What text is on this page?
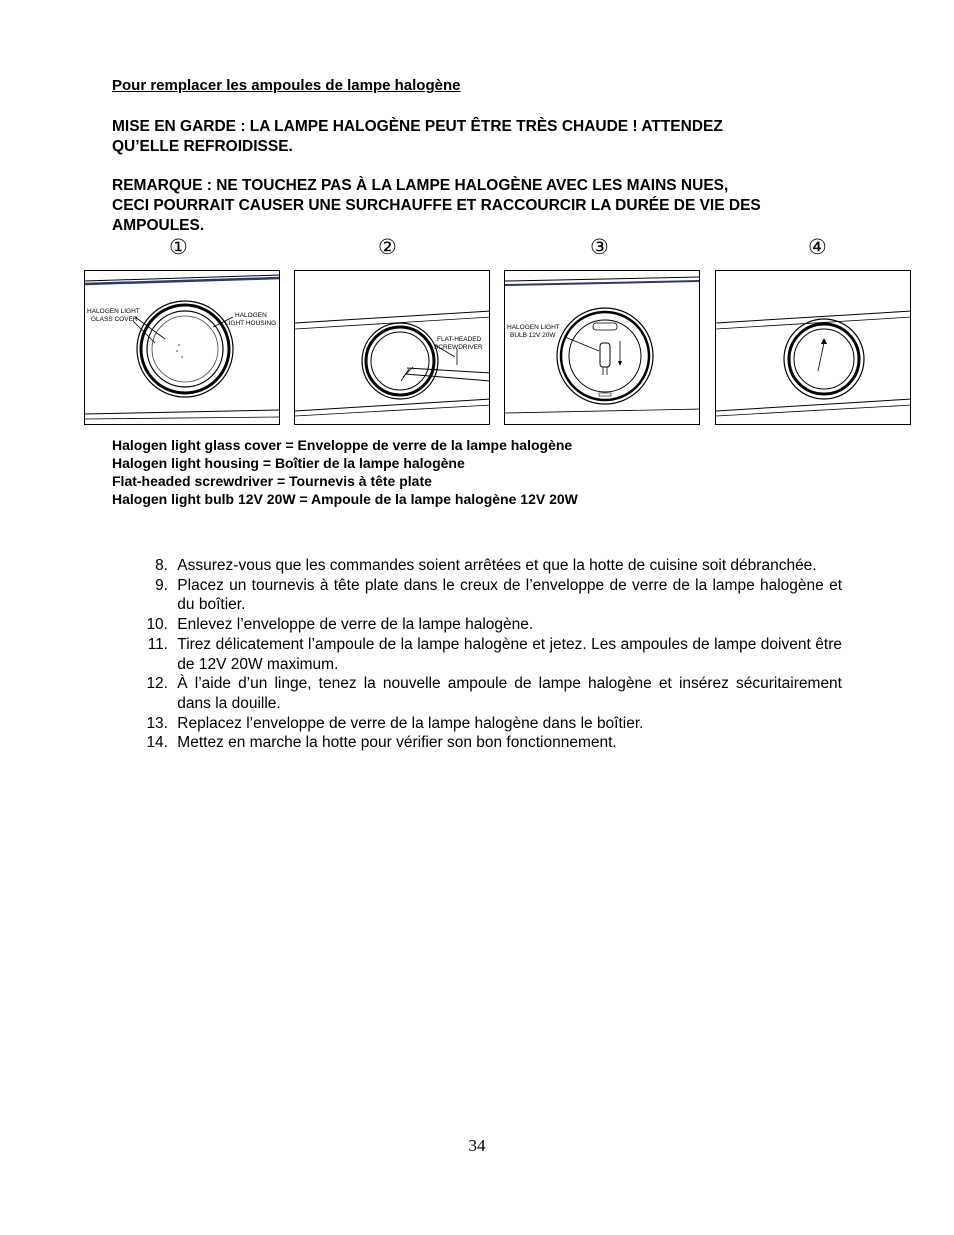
Pour remplacer les ampoules de lampe halogène
MISE EN GARDE : LA LAMPE HALOGÈNE PEUT ÊTRE TRÈS CHAUDE ! ATTENDEZ
QU’ELLE REFROIDISSE.
REMARQUE : NE TOUCHEZ PAS À LA LAMPE HALOGÈNE AVEC LES MAINS NUES,
CECI POURRAIT CAUSER UNE SURCHAUFFE ET RACCOURCIR LA DURÉE DE VIE DES
AMPOULES.
①	②	③	④
HALOGEN LIGHT
GLASS COVER
HALOGEN
LIGHT HOUSING
FLAT-HEADED
SCREWDRIVER
HALOGEN LIGHT
BULB 12V 20W
Halogen light glass cover = Enveloppe de verre de la lampe halogène
Halogen light housing = Boîtier de la lampe halogène
Flat-headed screwdriver = Tournevis à tête plate
Halogen light bulb 12V 20W = Ampoule de la lampe halogène 12V 20W
8. Assurez-vous que les commandes soient arrêtées et que la hotte de cuisine soit débranchée.
9. Placez un tournevis à tête plate dans le creux de l’enveloppe de verre de la lampe halogène et du boîtier.
10. Enlevez l’enveloppe de verre de la lampe halogène.
11. Tirez délicatement l’ampoule de la lampe halogène et jetez. Les ampoules de lampe doivent être de 12V 20W maximum.
12. À l’aide d’un linge, tenez la nouvelle ampoule de lampe halogène et insérez sécuritairement dans la douille.
13. Replacez l’enveloppe de verre de la lampe halogène dans le boîtier.
14. Mettez en marche la hotte pour vérifier son bon fonctionnement.
34
